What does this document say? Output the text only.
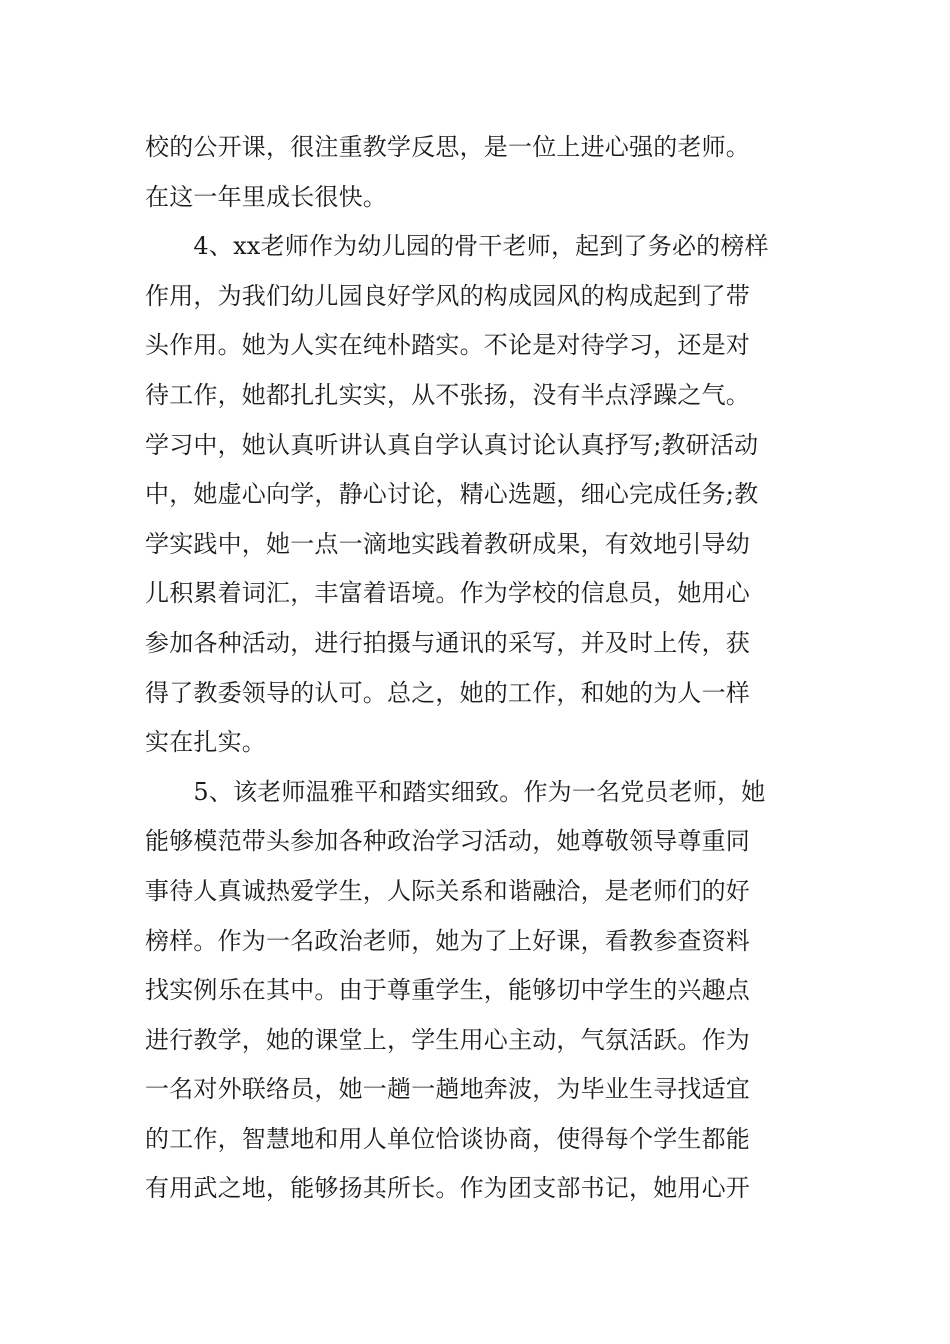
校的公开课，很注重教学反思，是一位上进心强的老师。
在这一年里成长很快。
　　4、xx老师作为幼儿园的骨干老师，起到了务必的榜样
作用，为我们幼儿园良好学风的构成园风的构成起到了带
头作用。她为人实在纯朴踏实。不论是对待学习，还是对
待工作，她都扎扎实实，从不张扬，没有半点浮躁之气。
学习中，她认真听讲认真自学认真讨论认真抒写;教研活动
中，她虚心向学，静心讨论，精心选题，细心完成任务;教
学实践中，她一点一滴地实践着教研成果，有效地引导幼
儿积累着词汇，丰富着语境。作为学校的信息员，她用心
参加各种活动，进行拍摄与通讯的采写，并及时上传，获
得了教委领导的认可。总之，她的工作，和她的为人一样
实在扎实。
　　5、该老师温雅平和踏实细致。作为一名党员老师，她
能够模范带头参加各种政治学习活动，她尊敬领导尊重同
事待人真诚热爱学生，人际关系和谐融洽，是老师们的好
榜样。作为一名政治老师，她为了上好课，看教参查资料
找实例乐在其中。由于尊重学生，能够切中学生的兴趣点
进行教学，她的课堂上，学生用心主动，气氛活跃。作为
一名对外联络员，她一趟一趟地奔波，为毕业生寻找适宜
的工作，智慧地和用人单位恰谈协商，使得每个学生都能
有用武之地，能够扬其所长。作为团支部书记，她用心开
